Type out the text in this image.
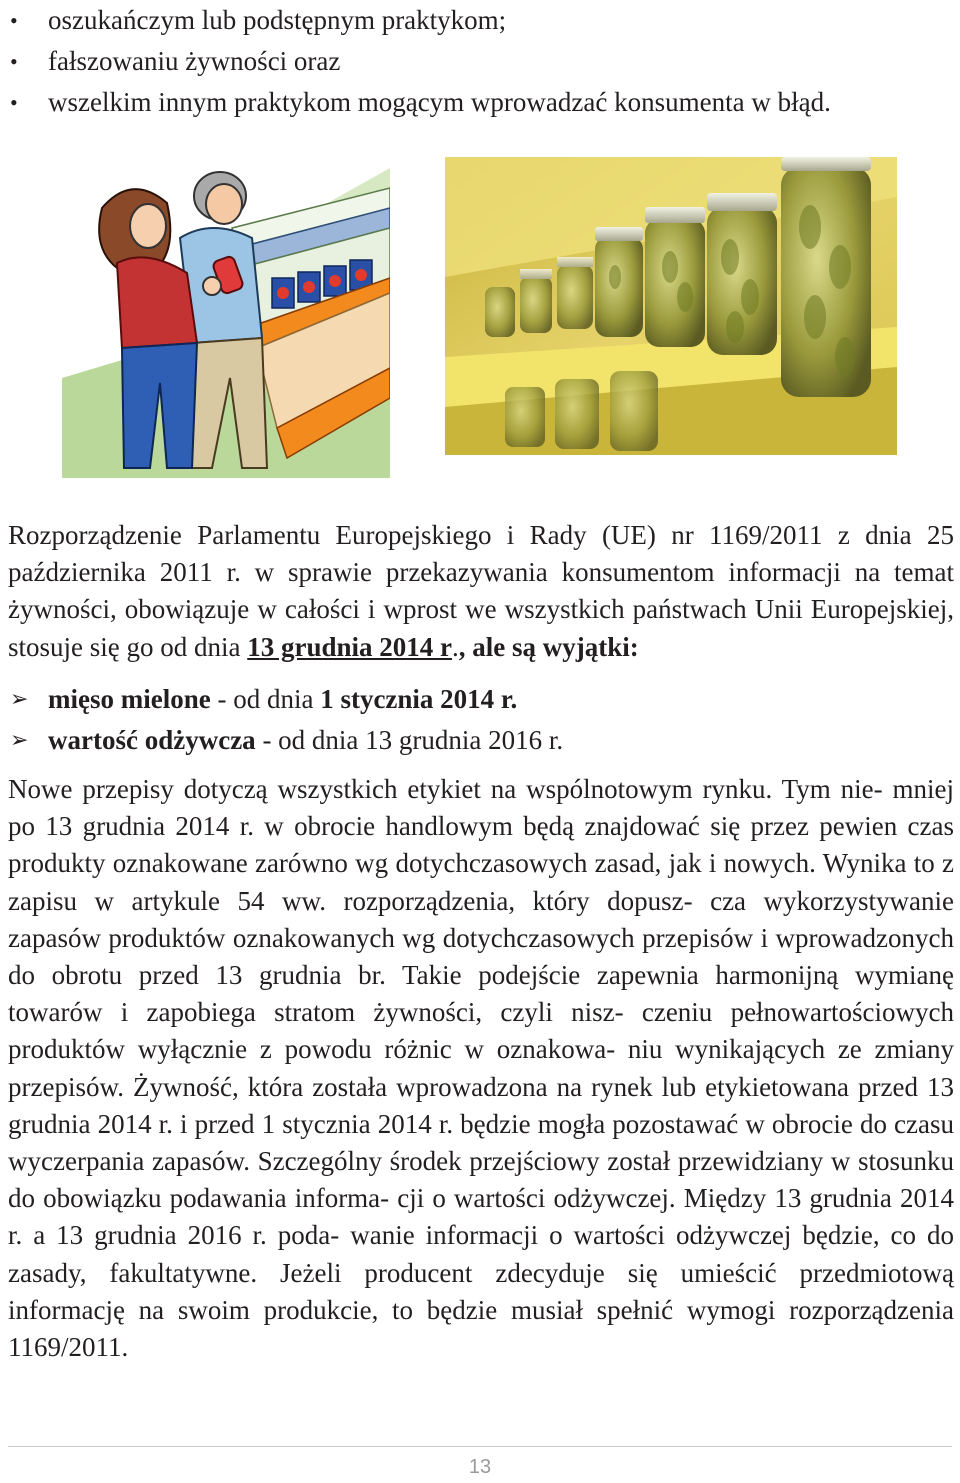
• oszukańczym lub podstępnym praktykom;
• fałszowaniu żywności oraz
• wszelkim innym praktykom mogącym wprowadzać konsumenta w błąd.

Rozporządzenie Parlamentu Europejskiego i Rady (UE) nr 1169/2011 z dnia 25 października 2011 r. w sprawie przekazywania konsumentom informacji na temat żywności, obowiązuje w całości i wprost we wszystkich państwach Unii Europejskiej, stosuje się go od dnia 13 grudnia 2014 r., ale są wyjątki:

➢ mięso mielone - od dnia 1 stycznia 2014 r.
➢ wartość odżywcza - od dnia 13 grudnia 2016 r.

Nowe przepisy dotyczą wszystkich etykiet na wspólnotowym rynku. Tym nie- mniej po 13 grudnia 2014 r. w obrocie handlowym będą znajdować się przez pewien czas produkty oznakowane zarówno wg dotychczasowych zasad, jak i nowych. Wynika to z zapisu w artykule 54 ww. rozporządzenia, który dopusz- cza wykorzystywanie zapasów produktów oznakowanych wg dotychczasowych przepisów i wprowadzonych do obrotu przed 13 grudnia br. Takie podejście zapewnia harmonijną wymianę towarów i zapobiega stratom żywności, czyli nisz- czeniu pełnowartościowych produktów wyłącznie z powodu różnic w oznakowa- niu wynikających ze zmiany przepisów. Żywność, która została wprowadzona na rynek lub etykietowana przed 13 grudnia 2014 r. i przed 1 stycznia 2014 r. będzie mogła pozostawać w obrocie do czasu wyczerpania zapasów. Szczególny środek przejściowy został przewidziany w stosunku do obowiązku podawania informa- cji o wartości odżywczej. Między 13 grudnia 2014 r. a 13 grudnia 2016 r. poda- wanie informacji o wartości odżywczej będzie, co do zasady, fakultatywne. Jeżeli producent zdecyduje się umieścić przedmiotową informację na swoim produkcie, to będzie musiał spełnić wymogi rozporządzenia 1169/2011.

13
